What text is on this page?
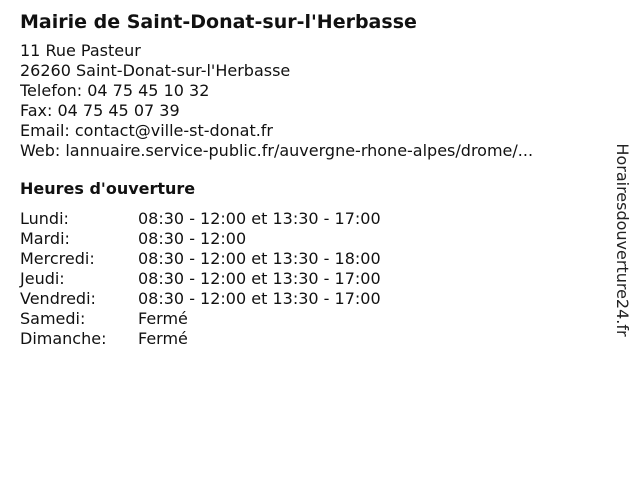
Mairie de Saint-Donat-sur-l'Herbasse
11 Rue Pasteur
26260 Saint-Donat-sur-l'Herbasse
Telefon: 04 75 45 10 32
Fax: 04 75 45 07 39
Email: contact@ville-st-donat.fr
Web: lannuaire.service-public.fr/auvergne-rhone-alpes/drome/...
Heures d'ouverture
Lundi:	08:30 - 12:00 et 13:30 - 17:00
Mardi:	08:30 - 12:00
Mercredi:	08:30 - 12:00 et 13:30 - 18:00
Jeudi:	08:30 - 12:00 et 13:30 - 17:00
Vendredi:	08:30 - 12:00 et 13:30 - 17:00
Samedi:	Fermé
Dimanche:	Fermé
Horairesdouverture24.fr
